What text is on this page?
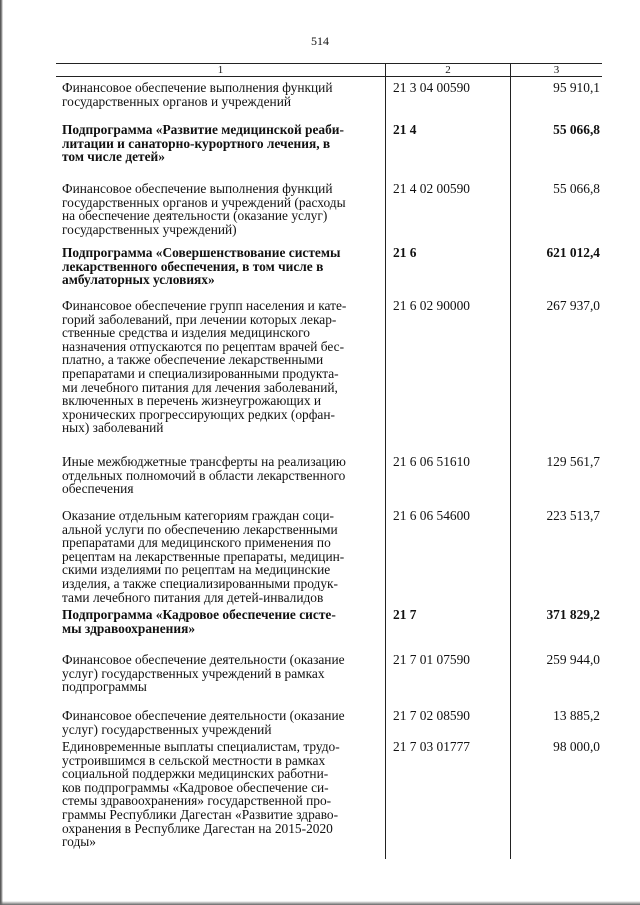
514
1	2	3
Финансовое обеспечение выполнения функций
государственных органов и учреждений
21 3 04 00590	95 910,1
Подпрограмма «Развитие медицинской реаби-
литации и санаторно-курортного лечения, в
том числе детей»
21 4	55 066,8
Финансовое обеспечение выполнения функций
государственных органов и учреждений (расходы
на обеспечение деятельности (оказание услуг)
государственных учреждений)
21 4 02 00590	55 066,8
Подпрограмма «Совершенствование системы
лекарственного обеспечения, в том числе в
амбулаторных условиях»
21 6	621 012,4
Финансовое обеспечение групп населения и кате-
горий заболеваний, при лечении которых лекар-
ственные средства и изделия медицинского
назначения отпускаются по рецептам врачей бес-
платно, а также обеспечение лекарственными
препаратами и специализированными продукта-
ми лечебного питания для лечения заболеваний,
включенных в перечень жизнеугрожающих и
хронических прогрессирующих редких (орфан-
ных) заболеваний
21 6 02 90000	267 937,0
Иные межбюджетные трансферты на реализацию
отдельных полномочий в области лекарственного
обеспечения
21 6 06 51610	129 561,7
Оказание отдельным категориям граждан соци-
альной услуги по обеспечению лекарственными
препаратами для медицинского применения по
рецептам на лекарственные препараты, медицин-
скими изделиями по рецептам на медицинские
изделия, а также специализированными продук-
тами лечебного питания для детей-инвалидов
21 6 06 54600	223 513,7
Подпрограмма «Кадровое обеспечение систе-
мы здравоохранения»
21 7	371 829,2
Финансовое обеспечение деятельности (оказание
услуг) государственных учреждений в рамках
подпрограммы
21 7 01 07590	259 944,0
Финансовое обеспечение деятельности (оказание
услуг) государственных учреждений
21 7 02 08590	13 885,2
Единовременные выплаты специалистам, трудо-
устроившимся в сельской местности в рамках
социальной поддержки медицинских работни-
ков подпрограммы «Кадровое обеспечение си-
стемы здравоохранения» государственной про-
граммы Республики Дагестан «Развитие здраво-
охранения в Республике Дагестан на 2015-2020
годы»
21 7 03 01777	98 000,0
